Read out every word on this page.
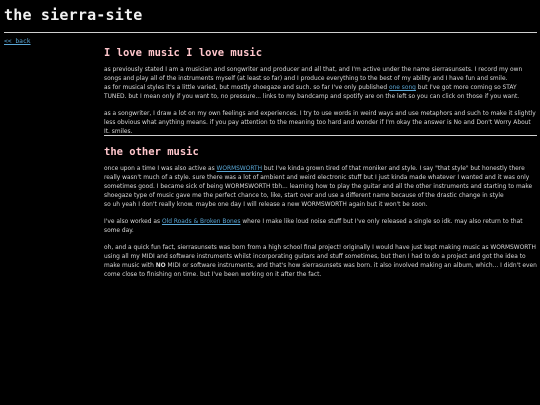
the sierra-site
<< back
I love music I love music

as previously stated I am a musician and songwriter and producer and all that, and I'm active under the name sierrasunsets. I record my own songs and play all of the instruments myself (at least so far) and I produce everything to the best of my ability and I have fun and smile.
as for musical styles it's a little varied, but mostly shoegaze and such. so far I've only published one song but I've got more coming so STAY TUNED. but I mean only if you want to, no pressure... links to my bandcamp and spotify are on the left so you can click on those if you want.

as a songwriter, I draw a lot on my own feelings and experiences. I try to use words in weird ways and use metaphors and such to make it slightly less obvious what anything means. if you pay attention to the meaning too hard and wonder if I'm okay the answer is No and Don't Worry About It. smiles.

the other music

once upon a time I was also active as WORMSWORTH but I've kinda grown tired of that moniker and style. I say "that style" but honestly there really wasn't much of a style. sure there was a lot of ambient and weird electronic stuff but I just kinda made whatever I wanted and it was only sometimes good. I became sick of being WORMSWORTH tbh... learning how to play the guitar and all the other instruments and starting to make shoegaze type of music gave me the perfect chance to, like, start over and use a different name because of the drastic change in style
so uh yeah I don't really know. maybe one day I will release a new WORMSWORTH again but it won't be soon.

I've also worked as Old Roads & Broken Bones where I make like loud noise stuff but I've only released a single so idk. may also return to that some day.

oh, and a quick fun fact, sierrasunsets was born from a high school final project! originally I would have just kept making music as WORMSWORTH using all my MIDI and software instruments whilst incorporating guitars and stuff sometimes, but then I had to do a project and got the idea to make music with NO MIDI or software instruments, and that's how sierrasunsets was born. it also involved making an album, which... I didn't even come close to finishing on time. but I've been working on it after the fact.
